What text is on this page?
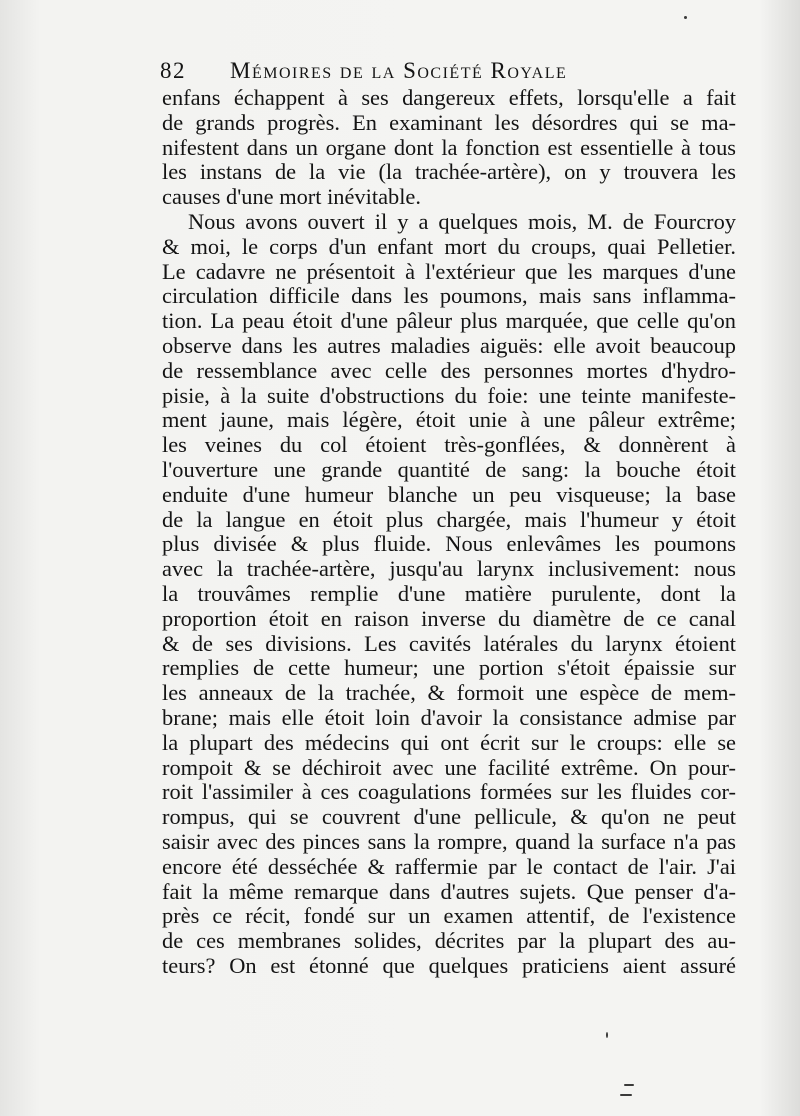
82 Mémoires de la Société Royale
enfans échappent à ses dangereux effets, lorsqu'elle a fait
de grands progrès. En examinant les désordres qui se ma-
nifestent dans un organe dont la fonction est essentielle à tous
les instans de la vie (la trachée-artère), on y trouvera les
causes d'une mort inévitable.
Nous avons ouvert il y a quelques mois, M. de Fourcroy
& moi, le corps d'un enfant mort du croups, quai Pelletier.
Le cadavre ne présentoit à l'extérieur que les marques d'une
circulation difficile dans les poumons, mais sans inflamma-
tion. La peau étoit d'une pâleur plus marquée, que celle qu'on
observe dans les autres maladies aiguës: elle avoit beaucoup
de ressemblance avec celle des personnes mortes d'hydro-
pisie, à la suite d'obstructions du foie: une teinte manifeste-
ment jaune, mais légère, étoit unie à une pâleur extrême;
les veines du col étoient très-gonflées, & donnèrent à
l'ouverture une grande quantité de sang: la bouche étoit
enduite d'une humeur blanche un peu visqueuse; la base
de la langue en étoit plus chargée, mais l'humeur y étoit
plus divisée & plus fluide. Nous enlevâmes les poumons
avec la trachée-artère, jusqu'au larynx inclusivement: nous
la trouvâmes remplie d'une matière purulente, dont la
proportion étoit en raison inverse du diamètre de ce canal
& de ses divisions. Les cavités latérales du larynx étoient
remplies de cette humeur; une portion s'étoit épaissie sur
les anneaux de la trachée, & formoit une espèce de mem-
brane; mais elle étoit loin d'avoir la consistance admise par
la plupart des médecins qui ont écrit sur le croups: elle se
rompoit & se déchiroit avec une facilité extrême. On pour-
roit l'assimiler à ces coagulations formées sur les fluides cor-
rompus, qui se couvrent d'une pellicule, & qu'on ne peut
saisir avec des pinces sans la rompre, quand la surface n'a pas
encore été desséchée & raffermie par le contact de l'air. J'ai
fait la même remarque dans d'autres sujets. Que penser d'a-
près ce récit, fondé sur un examen attentif, de l'existence
de ces membranes solides, décrites par la plupart des au-
teurs? On est étonné que quelques praticiens aient assuré
